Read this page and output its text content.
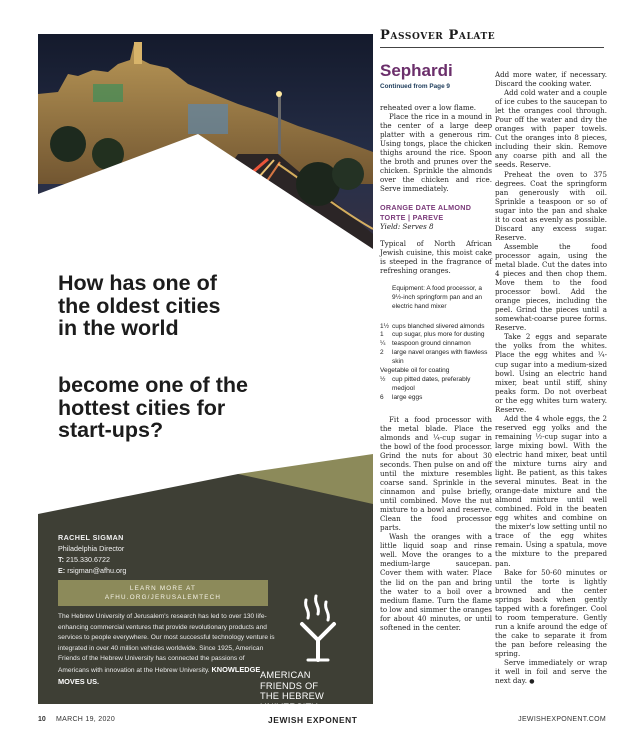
How has one of
the oldest cities
in the world
become one of the
hottest cities for
start-ups?
RACHEL SIGMAN
Philadelphia Director
T: 215.330.6722
E: rsigman@afhu.org
LEARN MORE AT
AFHU.ORG/JERUSALEMTECH
The Hebrew University of Jerusalem's research has led to over 130 life-enhancing commercial ventures that provide revolutionary products and services to people everywhere. Our most successful technology venture is integrated in over 40 million vehicles worldwide. Since 1925, American Friends of the Hebrew University has connected the passions of Americans with innovation at the Hebrew University. KNOWLEDGE MOVES US.
AMERICAN
FRIENDS OF
THE HEBREW
UNIVERSITY
Passover Palate
Sephardi
Continued from Page 9

reheated over a low flame.

Place the rice in a mound in the center of a large deep platter with a generous rim. Using tongs, place the chicken thighs around the rice. Spoon the broth and prunes over the chicken. Sprinkle the almonds over the chicken and rice. Serve immediately.

ORANGE DATE ALMOND TORTE | PAREVE

Yield: Serves 8

Typical of North African Jewish cuisine, this moist cake is steeped in the fragrance of refreshing oranges.

Equipment: A food processor, a 9½-inch springform pan and an electric hand mixer
1½ cups blanched slivered almonds
1	cup sugar, plus more for dusting
¼	teaspoon ground cinnamon
2	large navel oranges with flawless skin
Vegetable oil for coating
½	cup pitted dates, preferably medjool
6	large eggs

Fit a food processor with the metal blade. Place the almonds and ¼-cup sugar in the bowl of the food processor. Grind the nuts for about 30 seconds. Then pulse on and off until the mixture resembles coarse sand. Sprinkle in the cinnamon and pulse briefly, until combined. Move the nut mixture to a bowl and reserve. Clean the food processor parts.

Wash the oranges with a little liquid soap and rinse well. Move the oranges to a medium-large saucepan. Cover them with water. Place the lid on the pan and bring the water to a boil over a medium flame. Turn the flame to low and simmer the oranges for about 40 minutes, or until softened in the center.

Add more water, if necessary. Discard the cooking water.

Add cold water and a couple of ice cubes to the saucepan to let the oranges cool through. Pour off the water and dry the oranges with paper towels. Cut the oranges into 8 pieces, including their skin. Remove any coarse pith and all the seeds. Reserve.

Preheat the oven to 375 degrees. Coat the springform pan generously with oil. Sprinkle a teaspoon or so of sugar into the pan and shake it to coat as evenly as possible. Discard any excess sugar. Reserve.

Assemble the food processor again, using the metal blade. Cut the dates into 4 pieces and then chop them. Move them to the food processor bowl. Add the orange pieces, including the peel. Grind the pieces until a somewhat-coarse puree forms. Reserve.

Take 2 eggs and separate the yolks from the whites. Place the egg whites and ¼-cup sugar into a medium-sized bowl. Using an electric hand mixer, beat until stiff, shiny peaks form. Do not overbeat or the egg whites turn watery. Reserve.

Add the 4 whole eggs, the 2 reserved egg yolks and the remaining ½-cup sugar into a large mixing bowl. With the electric hand mixer, beat until the mixture turns airy and light. Be patient, as this takes several minutes. Beat in the orange-date mixture and the almond mixture until well combined. Fold in the beaten egg whites and combine on the mixer's low setting until no trace of the egg whites remain. Using a spatula, move the mixture to the prepared pan.

Bake for 50-60 minutes or until the torte is lightly browned and the center springs back when gently tapped with a forefinger. Cool to room temperature. Gently run a knife around the edge of the cake to separate it from the pan before releasing the spring.

Serve immediately or wrap it well in foil and serve the next day. ●

10 MARCH 19, 2020	JEWISH EXPONENT	JEWISHEXPONENT.COM
